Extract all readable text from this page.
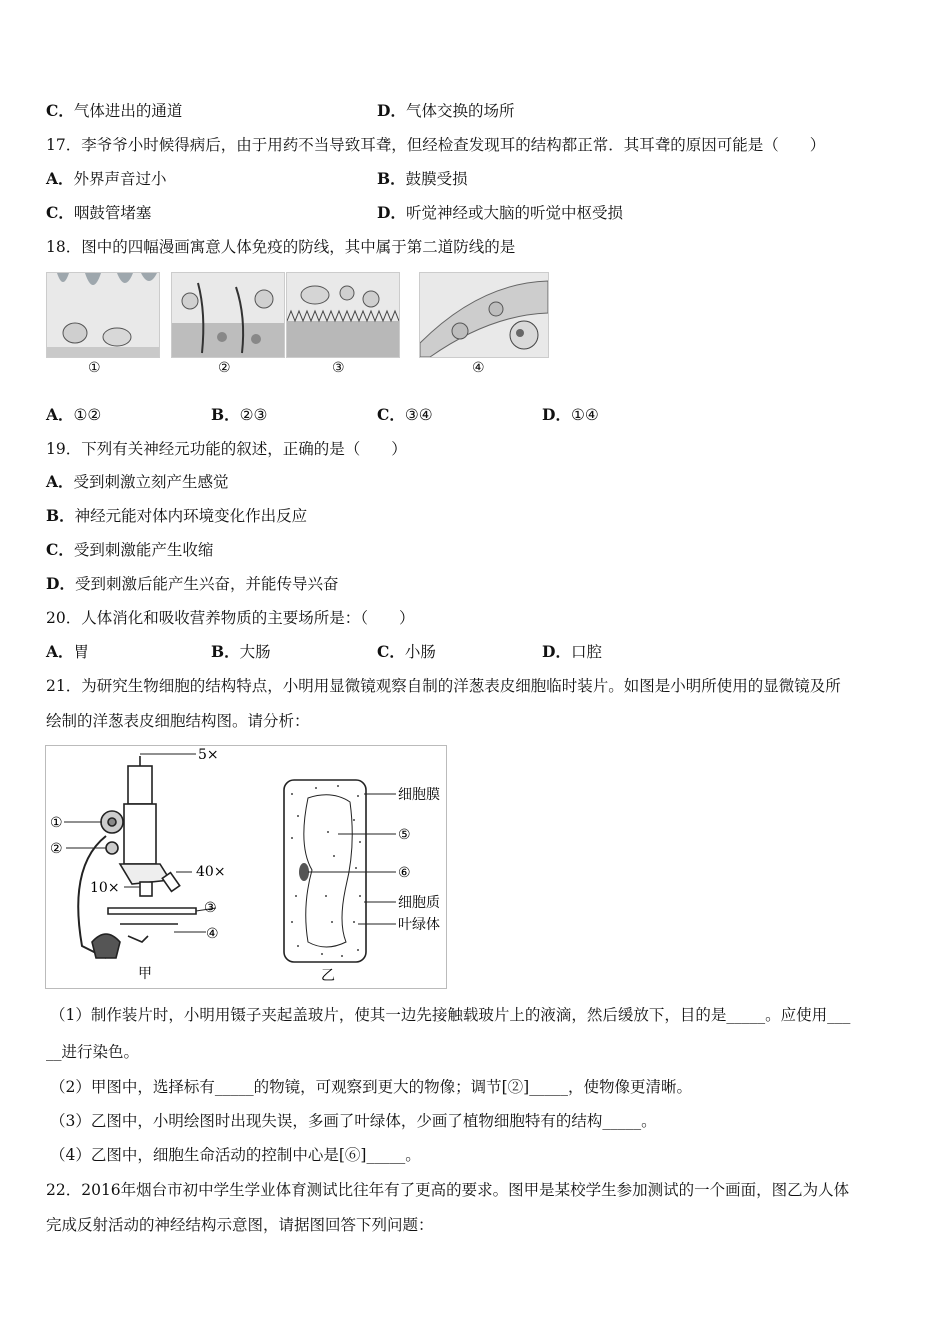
C．气体进出的通道	D．气体交换的场所
17．李爷爷小时候得病后，由于用药不当导致耳聋，但经检查发现耳的结构都正常．其耳聋的原因可能是（　　）
A．外界声音过小	B．鼓膜受损
C．咽鼓管堵塞	D．听觉神经或大脑的听觉中枢受损
18．图中的四幅漫画寓意人体免疫的防线，其中属于第二道防线的是
①	②	③	④
A．①②	B．②③	C．③④	D．①④
19．下列有关神经元功能的叙述，正确的是（　　）
A．受到刺激立刻产生感觉
B．神经元能对体内环境变化作出反应
C．受到刺激能产生收缩
D．受到刺激后能产生兴奋，并能传导兴奋
20．人体消化和吸收营养物质的主要场所是：（　　）
A．胃	B．大肠	C．小肠	D．口腔
21．为研究生物细胞的结构特点，小明用显微镜观察自制的洋葱表皮细胞临时装片。如图是小明所使用的显微镜及所
绘制的洋葱表皮细胞结构图。请分析：
5×
①
②
40×
10×
③
④
甲
细胞膜
⑤
⑥
细胞质
叶绿体
乙
（1）制作装片时，小明用镊子夹起盖玻片，使其一边先接触载玻片上的液滴，然后缓放下，目的是_____。应使用___
__进行染色。
（2）甲图中，选择标有_____的物镜，可观察到更大的物像；调节[②]_____，使物像更清晰。
（3）乙图中，小明绘图时出现失误，多画了叶绿体，少画了植物细胞特有的结构_____。
（4）乙图中，细胞生命活动的控制中心是[⑥]_____。
22．2016年烟台市初中学生学业体育测试比往年有了更高的要求。图甲是某校学生参加测试的一个画面，图乙为人体
完成反射活动的神经结构示意图，请据图回答下列问题：
